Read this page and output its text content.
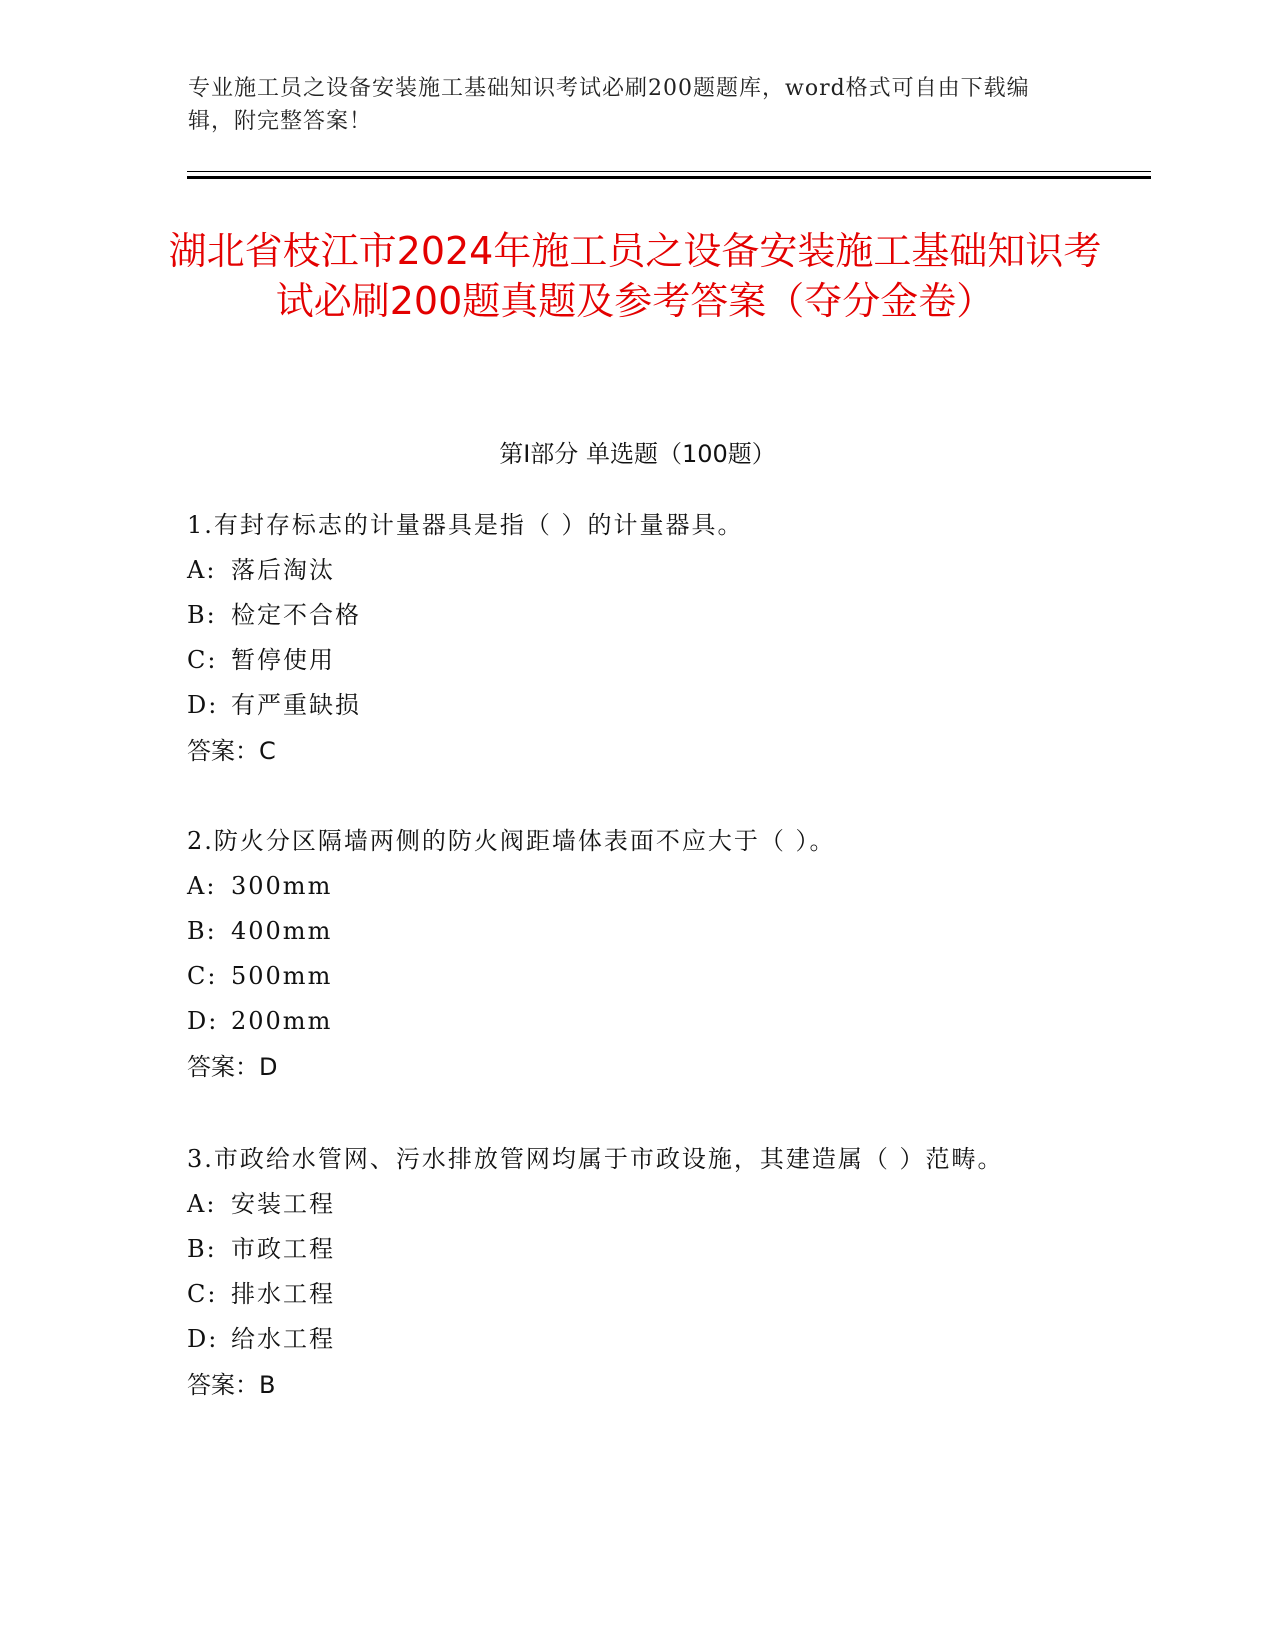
专业施工员之设备安装施工基础知识考试必刷200题题库，word格式可自由下载编辑，附完整答案！
湖北省枝江市2024年施工员之设备安装施工基础知识考试必刷200题真题及参考答案（夺分金卷）
第I部分 单选题（100题）

1.有封存标志的计量器具是指（ ）的计量器具。

A: 落后淘汰

B: 检定不合格

C: 暂停使用

D: 有严重缺损

答案：C

2.防火分区隔墙两侧的防火阀距墙体表面不应大于（ ）。

A: 300mm

B: 400mm

C: 500mm

D: 200mm

答案：D

3.市政给水管网、污水排放管网均属于市政设施，其建造属（ ）范畴。

A: 安装工程

B: 市政工程

C: 排水工程

D: 给水工程

答案：B
